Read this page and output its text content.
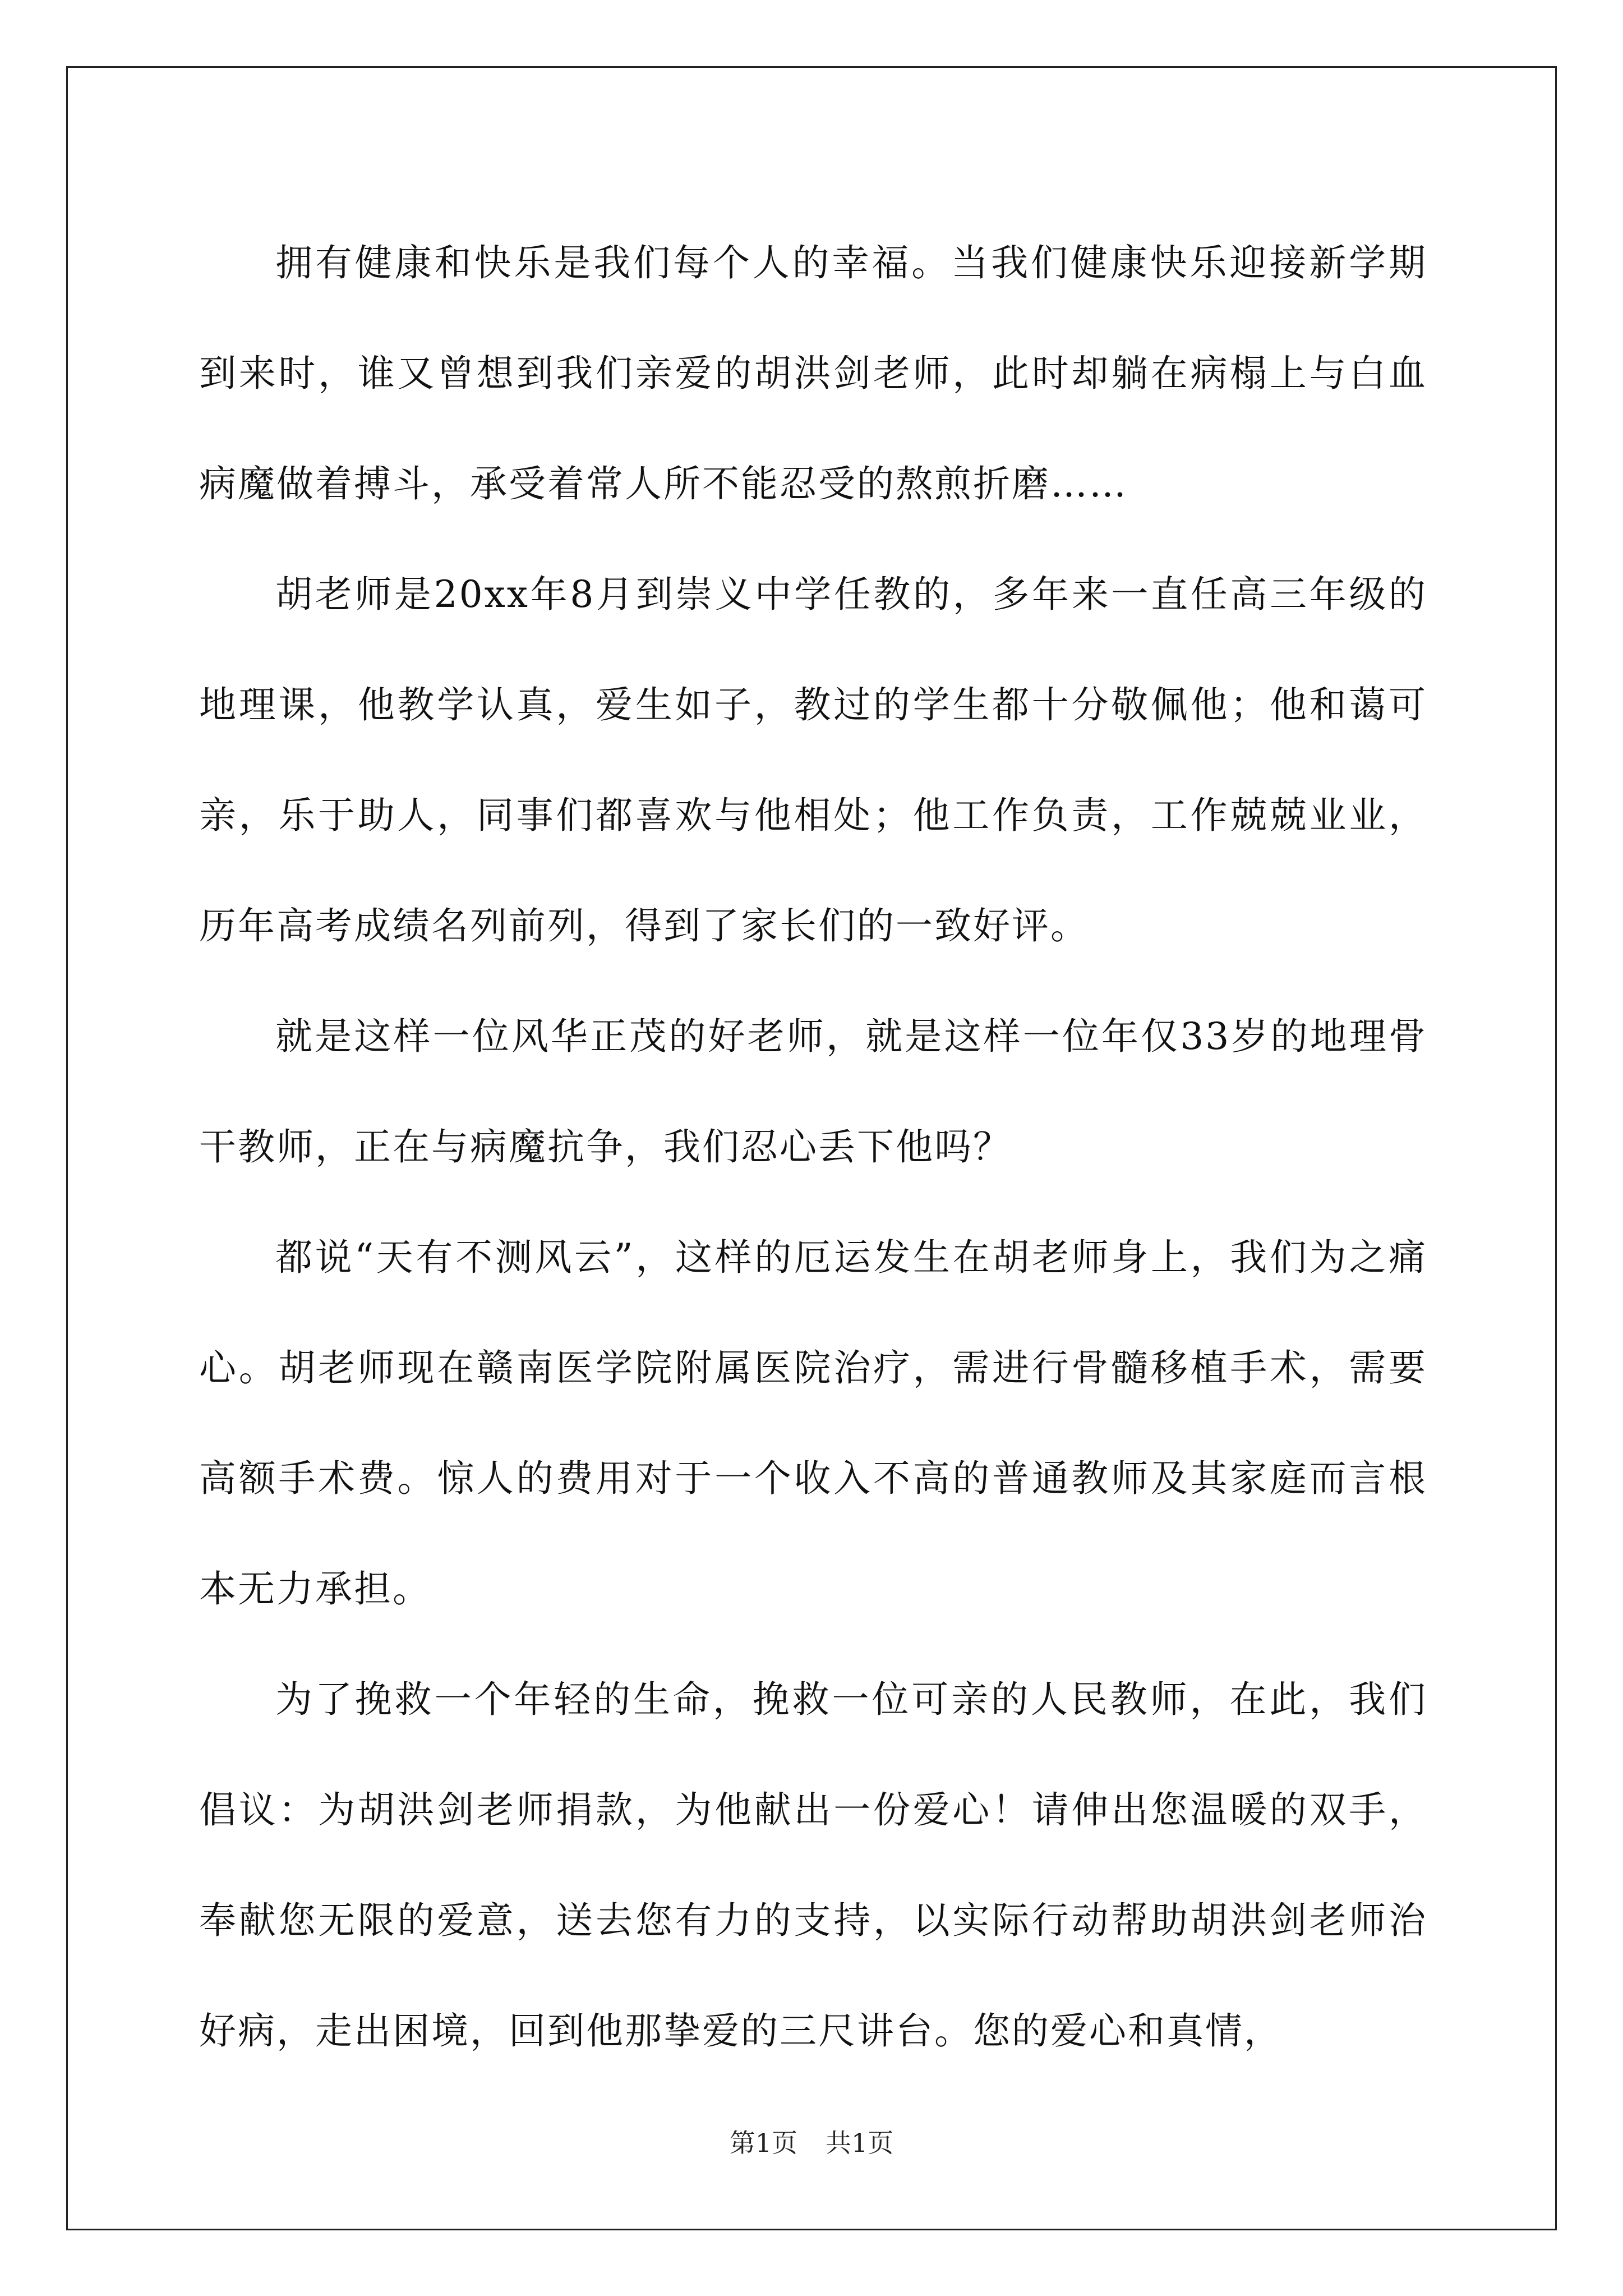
拥有健康和快乐是我们每个人的幸福。当我们健康快乐迎接新学期到来时，谁又曾想到我们亲爱的胡洪剑老师，此时却躺在病榻上与白血病魔做着搏斗，承受着常人所不能忍受的熬煎折磨……

胡老师是20xx年8月到崇义中学任教的，多年来一直任高三年级的地理课，他教学认真，爱生如子，教过的学生都十分敬佩他；他和蔼可亲，乐于助人，同事们都喜欢与他相处；他工作负责，工作兢兢业业，历年高考成绩名列前列，得到了家长们的一致好评。

就是这样一位风华正茂的好老师，就是这样一位年仅33岁的地理骨干教师，正在与病魔抗争，我们忍心丢下他吗？

都说“天有不测风云”，这样的厄运发生在胡老师身上，我们为之痛心。胡老师现在赣南医学院附属医院治疗，需进行骨髓移植手术，需要高额手术费。惊人的费用对于一个收入不高的普通教师及其家庭而言根本无力承担。

为了挽救一个年轻的生命，挽救一位可亲的人民教师，在此，我们倡议：为胡洪剑老师捐款，为他献出一份爱心！请伸出您温暖的双手，奉献您无限的爱意，送去您有力的支持，以实际行动帮助胡洪剑老师治好病，走出困境，回到他那挚爱的三尺讲台。您的爱心和真情，

第1页 共1页
